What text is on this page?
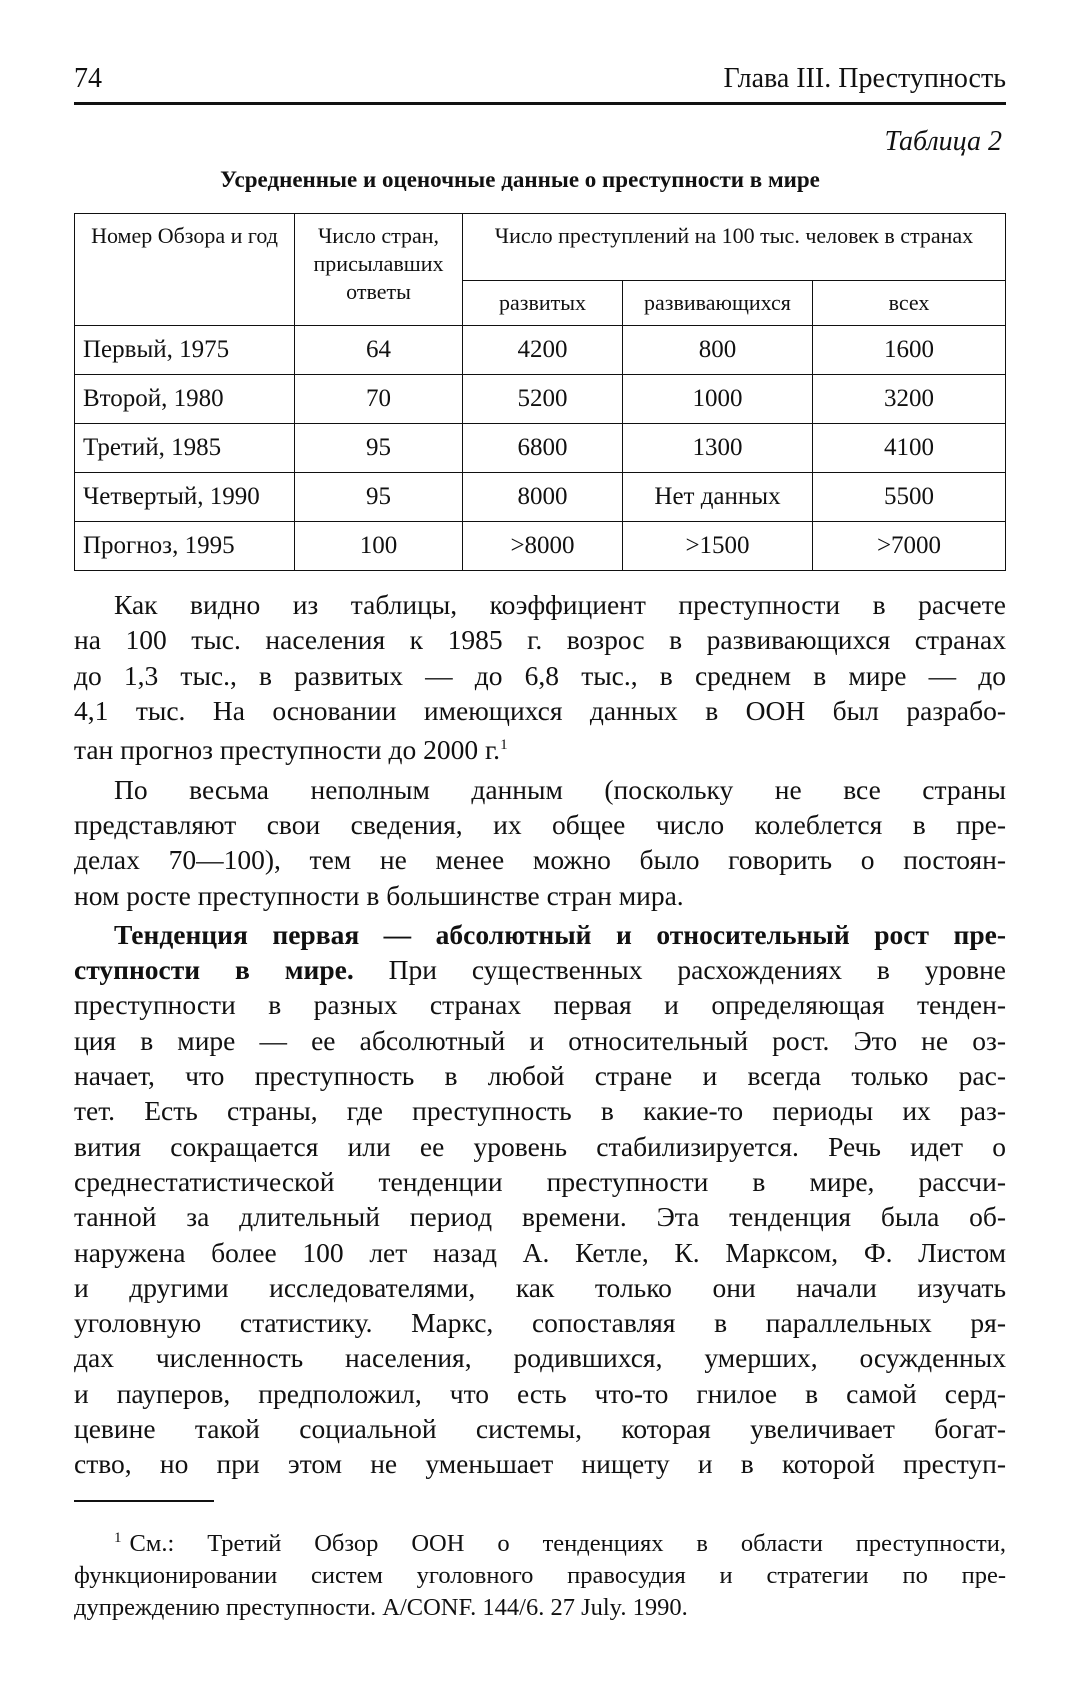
74	Глава III. Преступность
Таблица 2
Усредненные и оценочные данные о преступности в мире
Номер Обзора и год	Число стран, присылавших ответы	Число преступлений на 100 тыс. человек в странах		
		развитых	развивающихся	всех
Первый, 1975	64	4200	800	1600
Второй, 1980	70	5200	1000	3200
Третий, 1985	95	6800	1300	4100
Четвертый, 1990	95	8000	Нет данных	5500
Прогноз, 1995	100	>8000	>1500	>7000
Как видно из таблицы, коэффициент преступности в расчете
на 100 тыс. населения к 1985 г. возрос в развивающихся странах
до 1,3 тыс., в развитых — до 6,8 тыс., в среднем в мире — до
4,1 тыс. На основании имеющихся данных в ООН был разрабо-
тан прогноз преступности до 2000 г.$^1$
По весьма неполным данным (поскольку не все страны
представляют свои сведения, их общее число колеблется в пре-
делах 70—100), тем не менее можно было говорить о постоян-
ном росте преступности в большинстве стран мира.
Тенденция первая — абсолютный и относительный рост пре-
ступности в мире. При существенных расхождениях в уровне
преступности в разных странах первая и определяющая тенден-
ция в мире — ее абсолютный и относительный рост. Это не оз-
начает, что преступность в любой стране и всегда только рас-
тет. Есть страны, где преступность в какие-то периоды их раз-
вития сокращается или ее уровень стабилизируется. Речь идет о
среднестатистической тенденции преступности в мире, рассчи-
танной за длительный период времени. Эта тенденция была об-
наружена более 100 лет назад А. Кетле, К. Марксом, Ф. Листом
и другими исследователями, как только они начали изучать
уголовную статистику. Маркс, сопоставляя в параллельных ря-
дах численность населения, родившихся, умерших, осужденных
и пауперов, предположил, что есть что-то гнилое в самой серд-
цевине такой социальной системы, которая увеличивает богат-
ство, но при этом не уменьшает нищету и в которой преступ-
$^1$ См.: Третий Обзор ООН о тенденциях в области преступности,
функционировании систем уголовного правосудия и стратегии по пре-
дупреждению преступности. A/CONF. 144/6. 27 July. 1990.
